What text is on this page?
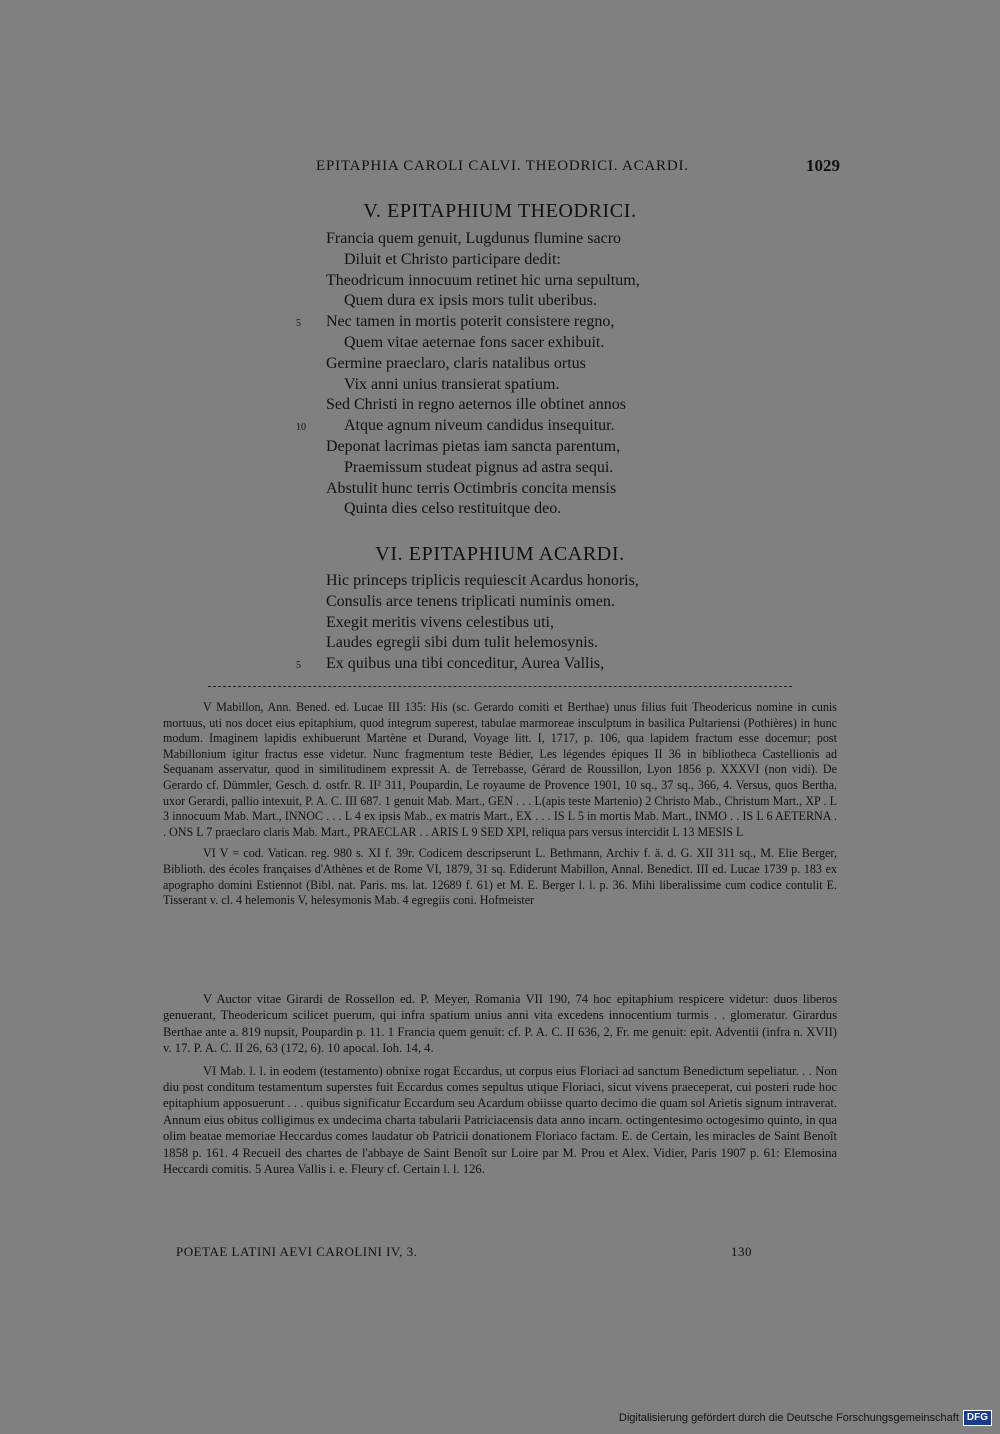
EPITAPHIA CAROLI CALVI. THEODRICI. ACARDI.	1029
V. EPITAPHIUM THEODRICI.
Francia quem genuit, Lugdunus flumine sacro
Diluit et Christo participare dedit:
Theodricum innocuum retinet hic urna sepultum,
Quem dura ex ipsis mors tulit uberibus.
5 Nec tamen in mortis poterit consistere regno,
Quem vitae aeternae fons sacer exhibuit.
Germine praeclaro, claris natalibus ortus
Vix anni unius transierat spatium.
Sed Christi in regno aeternos ille obtinet annos
10 Atque agnum niveum candidus insequitur.
Deponat lacrimas pietas iam sancta parentum,
Praemissum studeat pignus ad astra sequi.
Abstulit hunc terris Octimbris concita mensis
Quinta dies celso restituitque deo.
VI. EPITAPHIUM ACARDI.
Hic princeps triplicis requiescit Acardus honoris,
Consulis arce tenens triplicati numinis omen.
Exegit meritis vivens celestibus uti,
Laudes egregii sibi dum tulit helemosynis.
5 Ex quibus una tibi conceditur, Aurea Vallis,

V Mabillon, Ann. Bened. ed. Lucae III 135: His (sc. Gerardo comiti et Berthae) unus filius fuit Theodericus nomine in cunis mortuus, uti nos docet eius epitaphium, quod integrum superest, tabulae marmoreae insculptum in basilica Pultariensi (Pothières) in hunc modum. Imaginem lapidis exhibuerunt Martène et Durand, Voyage litt. I, 1717, p. 106, qua lapidem fractum esse docemur; post Mabillonium igitur fractus esse videtur. Nunc fragmentum teste Bédier, Les légendes épiques II 36 in bibliotheca Castellionis ad Sequanam asservatur, quod in similitudinem expressit A. de Terrebasse, Gérard de Roussillon, Lyon 1856 p. XXXVI (non vidi). De Gerardo cf. Dümmler, Gesch. d. ostfr. R. II² 311, Poupardin, Le royaume de Provence 1901, 10 sq., 37 sq., 366, 4. Versus, quos Bertha, uxor Gerardi, pallio intexuit, P. A. C. III 687. 1 genuit Mab. Mart., GEN . . . L(apis teste Martenio) 2 Christo Mab., Christum Mart., XP . L 3 innocuum Mab. Mart., INNOC . . . L 4 ex ipsis Mab., ex matris Mart., EX . . . IS L 5 in mortis Mab. Mart., INMO . . IS L 6 AETERNA . . ONS L 7 praeclaro claris Mab. Mart., PRAECLAR . . ARIS L 9 SED XPI, reliqua pars versus intercidit L 13 MESIS L

VI V = cod. Vatican. reg. 980 s. XI f. 39r. Codicem descripserunt L. Bethmann, Archiv f. ä. d. G. XII 311 sq., M. Elie Berger, Biblioth. des écoles françaises d'Athènes et de Rome VI, 1879, 31 sq. Ediderunt Mabillon, Annal. Benedict. III ed. Lucae 1739 p. 183 ex apographo domini Estiennot (Bibl. nat. Paris. ms. lat. 12689 f. 61) et M. E. Berger l. l. p. 36. Mihi liberalissime cum codice contulit E. Tisserant v. cl. 4 helemonis V, helesymonis Mab. 4 egregiis coni. Hofmeister

V Auctor vitae Girardi de Rossellon ed. P. Meyer, Romania VII 190, 74 hoc epitaphium respicere videtur: duos liberos genuerant, Theodericum scilicet puerum, qui infra spatium unius anni vita excedens innocentium turmis . . glomeratur. Girardus Berthae ante a. 819 nupsit, Poupardin p. 11. 1 Francia quem genuit: cf. P. A. C. II 636, 2, Fr. me genuit: epit. Adventii (infra n. XVII) v. 17. P. A. C. II 26, 63 (172, 6). 10 apocal. Ioh. 14, 4.

VI Mab. l. l. in eodem (testamento) obnixe rogat Eccardus, ut corpus eius Floriaci ad sanctum Benedictum sepeliatur. . . Non diu post conditum testamentum superstes fuit Eccardus comes sepultus utique Floriaci, sicut vivens praeceperat, cui posteri rude hoc epitaphium apposuerunt . . . quibus significatur Eccardum seu Acardum obiisse quarto decimo die quam sol Arietis signum intraverat. Annum eius obitus colligimus ex undecima charta tabularii Patriciacensis data anno incarn. octingentesimo octogesimo quinto, in qua olim beatae memoriae Heccardus comes laudatur ob Patricii donationem Floriaco factam. E. de Certain, les miracles de Saint Benoît 1858 p. 161. 4 Recueil des chartes de l'abbaye de Saint Benoît sur Loire par M. Prou et Alex. Vidier, Paris 1907 p. 61: Elemosina Heccardi comitis. 5 Aurea Vallis i. e. Fleury cf. Certain l. l. 126.

POETAE LATINI AEVI CAROLINI IV, 3.	130
Digitalisierung gefördert durch die Deutsche Forschungsgemeinschaft DFG
